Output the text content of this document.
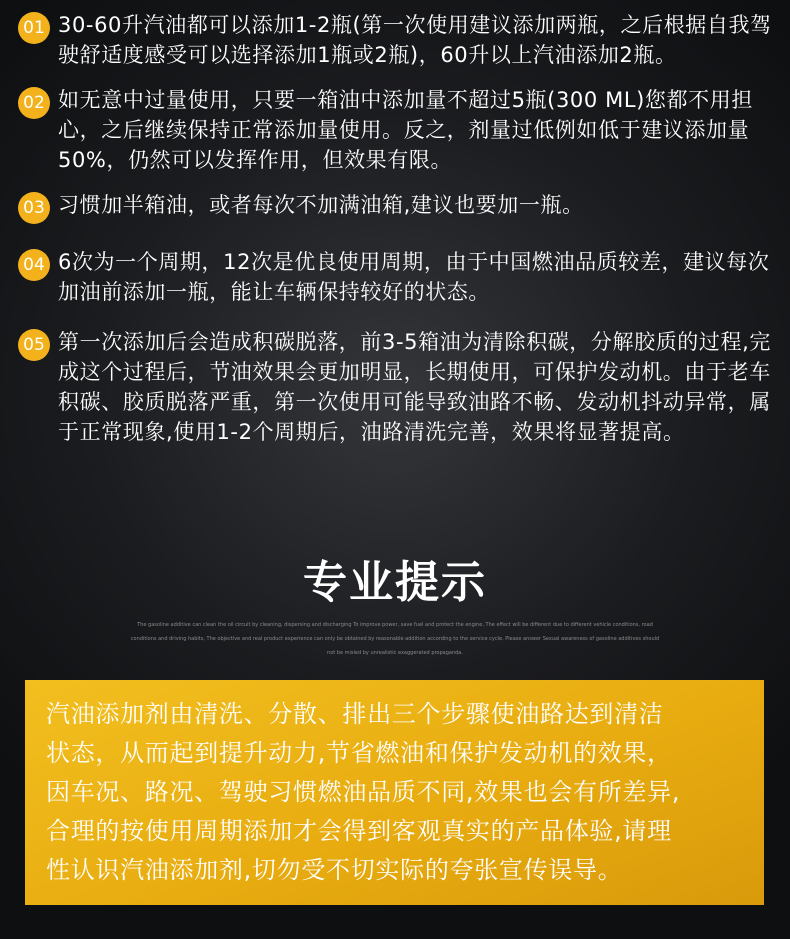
01 30-60升汽油都可以添加1-2瓶(第一次使用建议添加两瓶，之后根据自我驾驶舒适度感受可以选择添加1瓶或2瓶)，60升以上汽油添加2瓶。
02 如无意中过量使用，只要一箱油中添加量不超过5瓶(300 ML)您都不用担心，之后继续保持正常添加量使用。反之，剂量过低例如低于建议添加量50%，仍然可以发挥作用，但效果有限。
03 习惯加半箱油，或者每次不加满油箱,建议也要加一瓶。
04 6次为一个周期，12次是优良使用周期，由于中国燃油品质较差，建议每次加油前添加一瓶，能让车辆保持较好的状态。
05 第一次添加后会造成积碳脱落，前3-5箱油为清除积碳，分解胶质的过程,完成这个过程后，节油效果会更加明显，长期使用，可保护发动机。由于老车积碳、胶质脱落严重，第一次使用可能导致油路不畅、发动机抖动异常，属于正常现象,使用1-2个周期后，油路清洗完善，效果将显著提高。
专业提示
The gasoline additive can clean the oil circuit by cleaning, dispersing and discharging To improve power, save fuel and protect the engine, The effect will be different due to different vehicle conditions, road conditions and driving habits, The objective and real product experience can only be obtained by reasonable addition according to the service cycle. Please answer Sexual awareness of gasoline additives should not be misled by unrealistic exaggerated propaganda.
汽油添加剂由清洗、分散、排出三个步骤使油路达到清洁
状态，从而起到提升动力,节省燃油和保护发动机的效果，
因车况、路况、驾驶习惯燃油品质不同,效果也会有所差异,
合理的按使用周期添加才会得到客观真实的产品体验,请理
性认识汽油添加剂,切勿受不切实际的夸张宣传误导。
